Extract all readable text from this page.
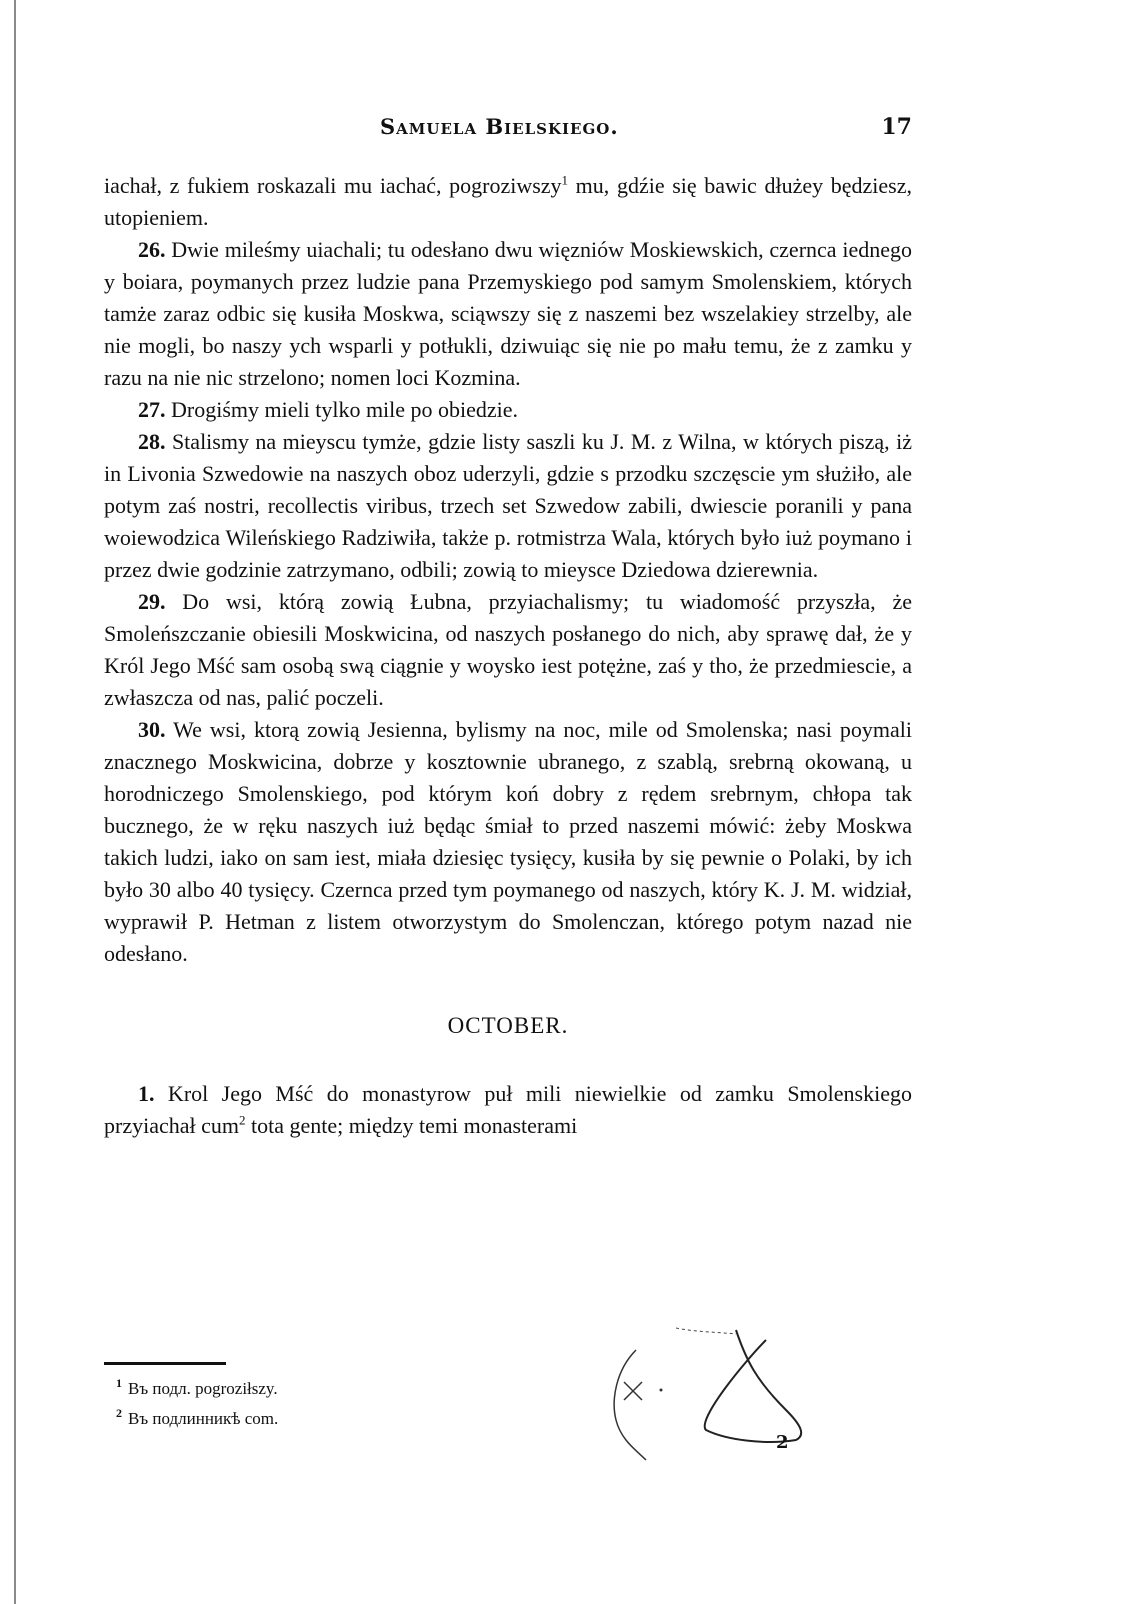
Samuela Bielskiego.	17

iachał, z fukiem roskazali mu iachać, pogroziwszy$^1$ mu, gdźie się bawic dłużey będziesz, utopieniem.

26. Dwie mileśmy uiachali; tu odesłano dwu więzniów Moskiewskich, czernca iednego y boiara, poymanych przez ludzie pana Przemyskiego pod samym Smolenskiem, których tamże zaraz odbic się kusiła Moskwa, sciąwszy się z naszemi bez wszelakiey strzelby, ale nie mogli, bo naszy ych wsparli y potłukli, dziwuiąc się nie po mału temu, że z zamku y razu na nie nic strzelono; nomen loci Kozmina.

27. Drogiśmy mieli tylko mile po obiedzie.

28. Stalismy na mieyscu tymże, gdzie listy saszli ku J. M. z Wilna, w których piszą, iż in Livonia Szwedowie na naszych oboz uderzyli, gdzie s przodku szczęscie ym służiło, ale potym zaś nostri, recollectis viribus, trzech set Szwedow zabili, dwiescie poranili y pana woiewodzica Wileńskiego Radziwiła, także p. rotmistrza Wala, których było iuż poymano i przez dwie godzinie zatrzymano, odbili; zowią to mieysce Dziedowa dzierewnia.

29. Do wsi, którą zowią Łubna, przyiachalismy; tu wiadomość przyszła, że Smoleńszczanie obiesili Moskwicina, od naszych posłanego do nich, aby sprawę dał, że y Król Jego Mść sam osobą swą ciągnie y woysko iest potężne, zaś y tho, że przedmiescie, a zwłaszcza od nas, palić poczeli.

30. We wsi, ktorą zowią Jesienna, bylismy na noc, mile od Smolenska; nasi poymali znacznego Moskwicina, dobrze y kosztownie ubranego, z szablą, srebrną okowaną, u horodniczego Smolenskiego, pod którym koń dobry z rędem srebrnym, chłopa tak bucznego, że w ręku naszych iuż będąc śmiał to przed naszemi mówić: żeby Moskwa takich ludzi, iako on sam iest, miała dziesięc tysięcy, kusiła by się pewnie o Polaki, by ich było 30 albo 40 tysięcy. Czernca przed tym poymanego od naszych, który K. J. M. widział, wyprawił P. Hetman z listem otworzystym do Smolenczan, którego potym nazad nie odesłano.

OCTOBER.

1. Krol Jego Mść do monastyrow puł mili niewielkie od zamku Smolenskiego przyiachał cum$^2$ tota gente; między temi monasterami

$^1$ Въ подл. pogroziłszy.

$^2$ Въ подлинникѣ com.

2
